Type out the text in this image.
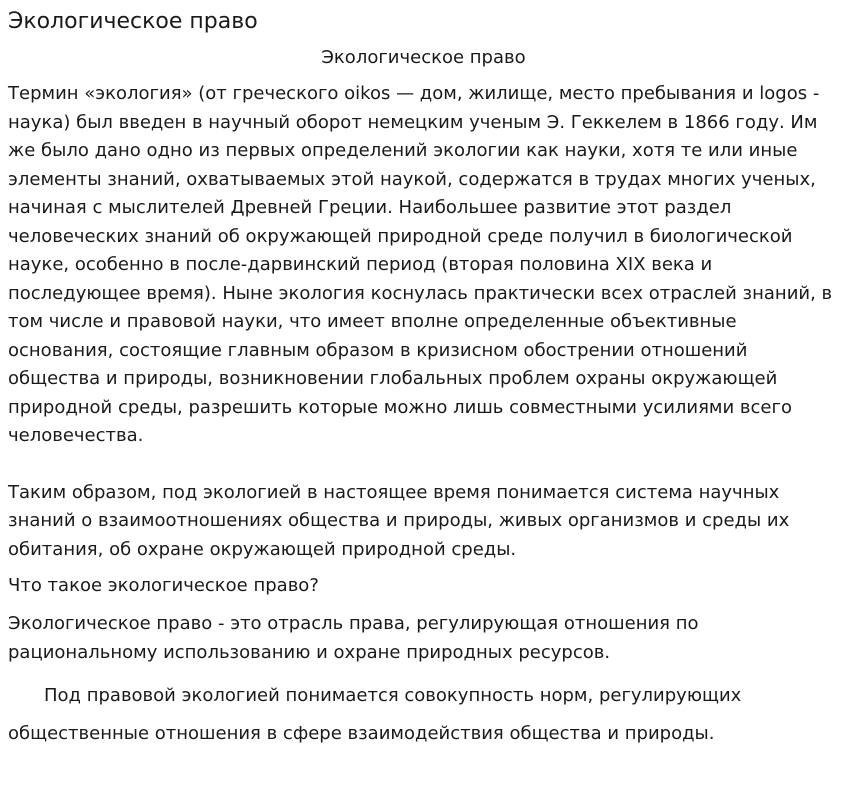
Экологическое право
Экологическое право

Термин «экология» (от греческого oikos — дом, жилище, место пребывания и logos - наука) был введен в научный оборот немецким ученым Э. Геккелем в 1866 году. Им же было дано одно из первых определений экологии как науки, хотя те или иные элементы знаний, охватываемых этой наукой, содержатся в трудах многих ученых, начиная с мыслителей Древней Греции. Наибольшее развитие этот раздел человеческих знаний об окружающей природной среде получил в биологической науке, особенно в после-дарвинский период (вторая половина XIX века и последующее время). Ныне экология коснулась практически всех отраслей знаний, в том числе и правовой науки, что имеет вполне определенные объективные основания, состоящие главным образом в кризисном обострении отношений общества и природы, возникновении глобальных проблем охраны окружающей природной среды, разрешить которые можно лишь совместными усилиями всего человечества.

Таким образом, под экологией в настоящее время понимается система научных знаний о взаимоотношениях общества и природы, живых организмов и среды их обитания, об охране окружающей природной среды.

Что такое экологическое право?

Экологическое право - это отрасль права, регулирующая отношения по рациональному использованию и охране природных ресурсов.

Под правовой экологией понимается совокупность норм, регулирующих общественные отношения в сфере взаимодействия общества и природы.
